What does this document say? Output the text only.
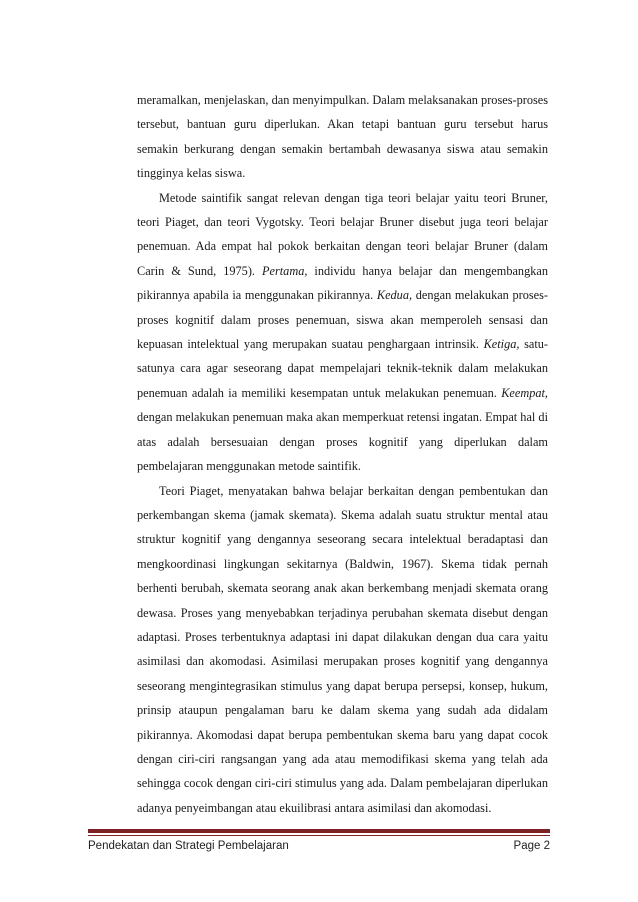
meramalkan, menjelaskan, dan menyimpulkan. Dalam melaksanakan proses-proses tersebut, bantuan guru diperlukan. Akan tetapi bantuan guru tersebut harus semakin berkurang dengan semakin bertambah dewasanya siswa atau semakin tingginya kelas siswa.

Metode saintifik sangat relevan dengan tiga teori belajar yaitu teori Bruner, teori Piaget, dan teori Vygotsky. Teori belajar Bruner disebut juga teori belajar penemuan. Ada empat hal pokok berkaitan dengan teori belajar Bruner (dalam Carin & Sund, 1975). Pertama, individu hanya belajar dan mengembangkan pikirannya apabila ia menggunakan pikirannya. Kedua, dengan melakukan proses-proses kognitif dalam proses penemuan, siswa akan memperoleh sensasi dan kepuasan intelektual yang merupakan suatau penghargaan intrinsik. Ketiga, satu-satunya cara agar seseorang dapat mempelajari teknik-teknik dalam melakukan penemuan adalah ia memiliki kesempatan untuk melakukan penemuan. Keempat, dengan melakukan penemuan maka akan memperkuat retensi ingatan. Empat hal di atas adalah bersesuaian dengan proses kognitif yang diperlukan dalam pembelajaran menggunakan metode saintifik.

Teori Piaget, menyatakan bahwa belajar berkaitan dengan pembentukan dan perkembangan skema (jamak skemata). Skema adalah suatu struktur mental atau struktur kognitif yang dengannya seseorang secara intelektual beradaptasi dan mengkoordinasi lingkungan sekitarnya (Baldwin, 1967). Skema tidak pernah berhenti berubah, skemata seorang anak akan berkembang menjadi skemata orang dewasa. Proses yang menyebabkan terjadinya perubahan skemata disebut dengan adaptasi. Proses terbentuknya adaptasi ini dapat dilakukan dengan dua cara yaitu asimilasi dan akomodasi. Asimilasi merupakan proses kognitif yang dengannya seseorang mengintegrasikan stimulus yang dapat berupa persepsi, konsep, hukum, prinsip ataupun pengalaman baru ke dalam skema yang sudah ada didalam pikirannya. Akomodasi dapat berupa pembentukan skema baru yang dapat cocok dengan ciri-ciri rangsangan yang ada atau memodifikasi skema yang telah ada sehingga cocok dengan ciri-ciri stimulus yang ada. Dalam pembelajaran diperlukan adanya penyeimbangan atau ekuilibrasi antara asimilasi dan akomodasi.

Pendekatan dan Strategi Pembelajaran	Page 2
